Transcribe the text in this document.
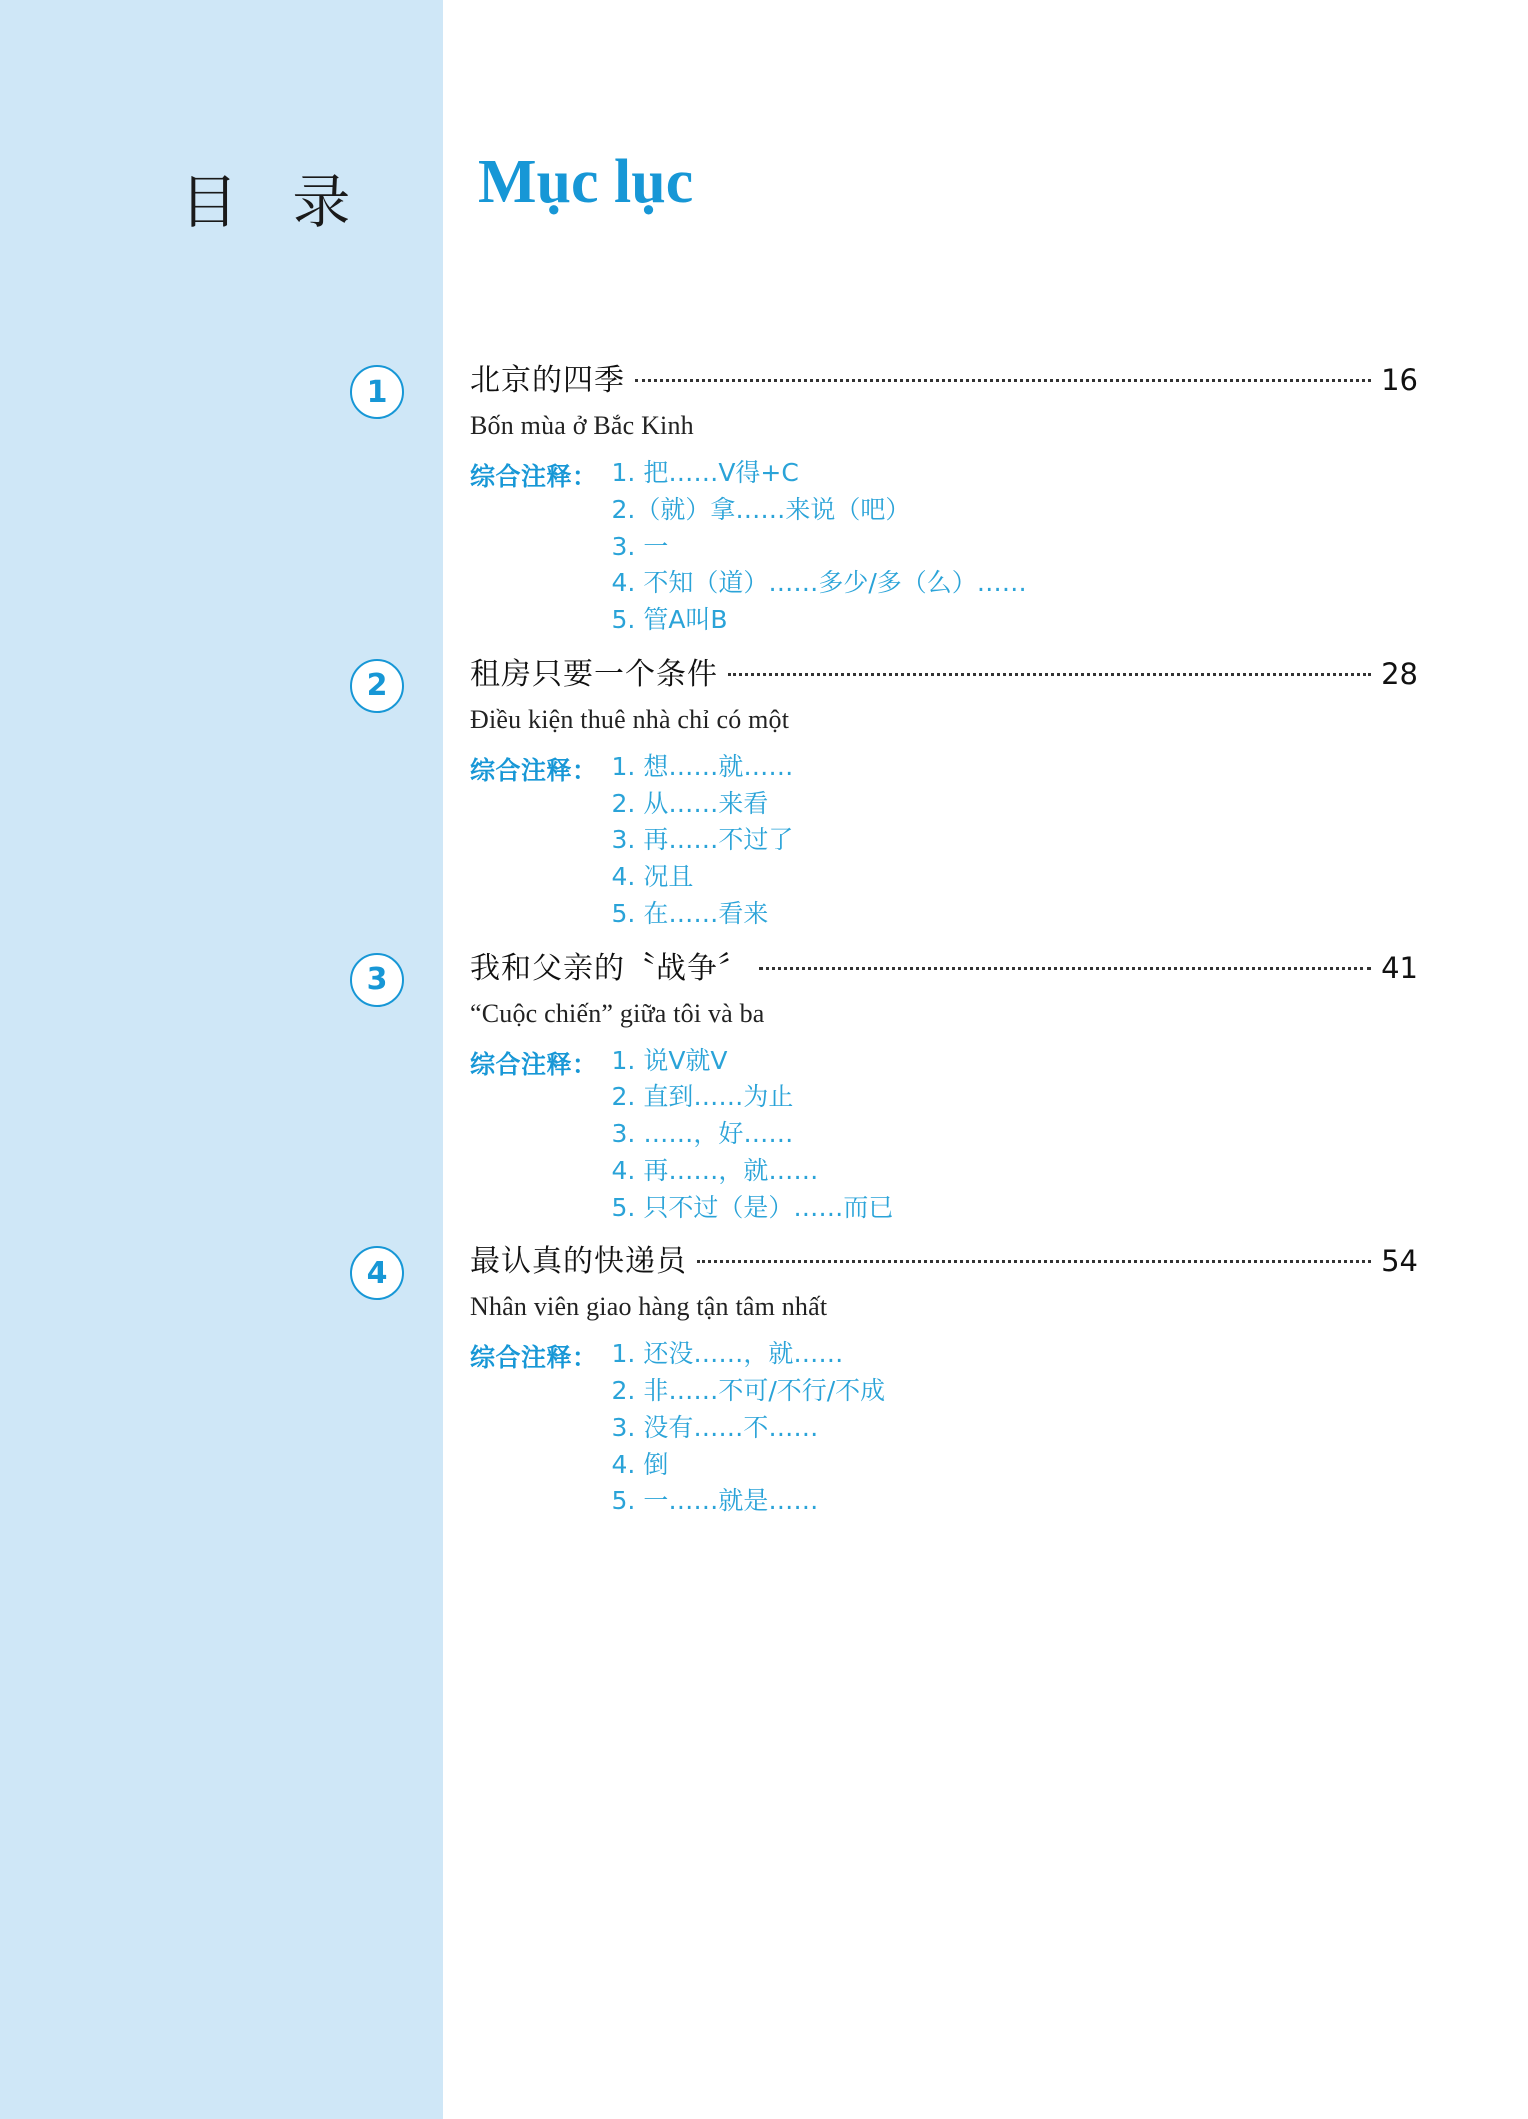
目 录 Mục lục
1	北京的四季	16
Bốn mùa ở Bắc Kinh
综合注释： 1. 把……V得+C
2.（就）拿……来说（吧）
3. 一
4. 不知（道）……多少/多（么）……
5. 管A叫B
2	租房只要一个条件	28
Điều kiện thuê nhà chỉ có một
综合注释： 1. 想……就……
2. 从……来看
3. 再……不过了
4. 况且
5. 在……看来
3	我和父亲的〝战争〞	41
“Cuộc chiến” giữa tôi và ba
综合注释： 1. 说V就V
2. 直到……为止
3. ……，好……
4. 再……，就……
5. 只不过（是）……而已
4	最认真的快递员	54
Nhân viên giao hàng tận tâm nhất
综合注释： 1. 还没……，就……
2. 非……不可/不行/不成
3. 没有……不……
4. 倒
5. 一……就是……
